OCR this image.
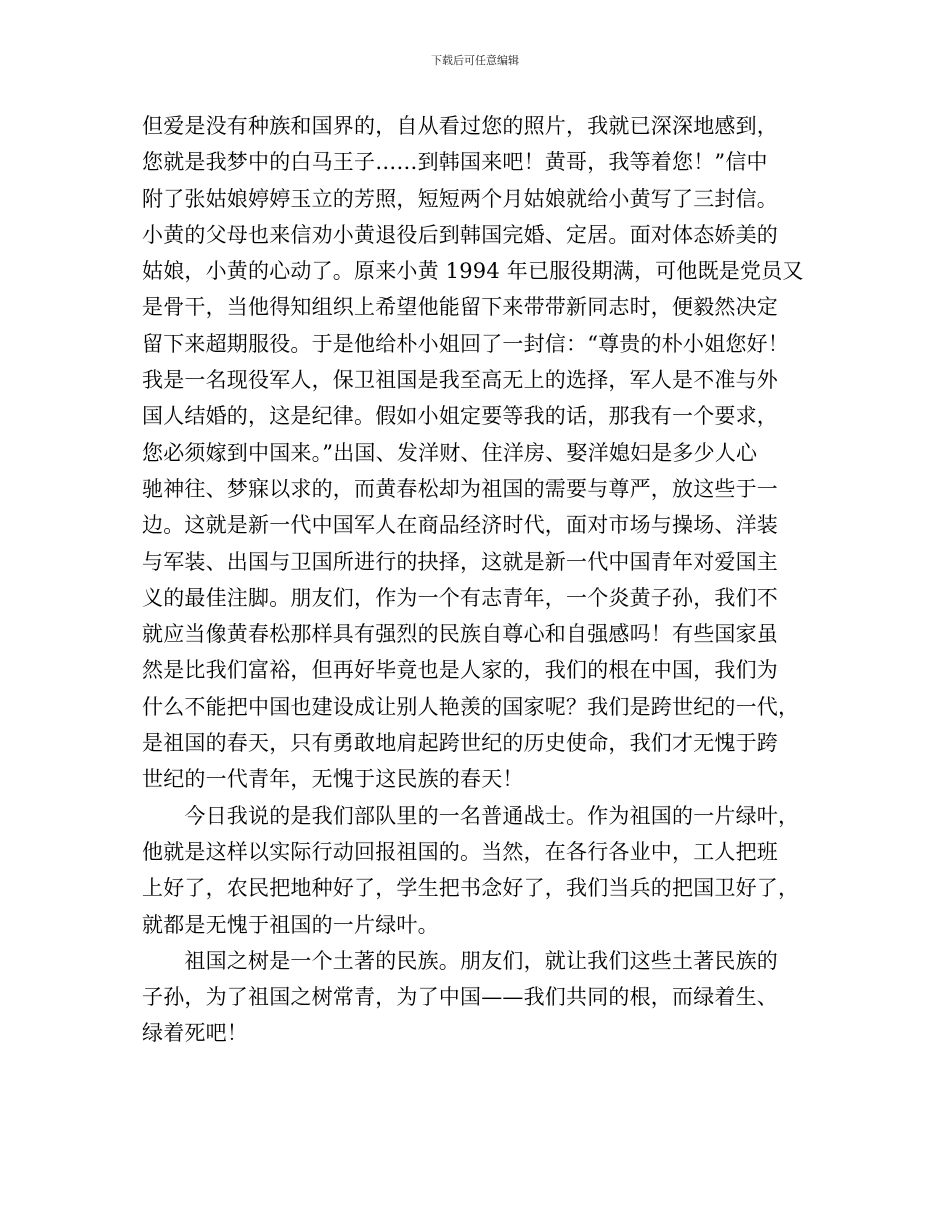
下载后可任意编辑
但爱是没有种族和国界的，自从看过您的照片，我就已深深地感到，
您就是我梦中的白马王子……到韩国来吧！黄哥，我等着您！”信中
附了张姑娘婷婷玉立的芳照，短短两个月姑娘就给小黄写了三封信。
小黄的父母也来信劝小黄退役后到韩国完婚、定居。面对体态娇美的
姑娘，小黄的心动了。原来小黄 1994 年已服役期满，可他既是党员又
是骨干，当他得知组织上希望他能留下来带带新同志时，便毅然决定
留下来超期服役。于是他给朴小姐回了一封信：“尊贵的朴小姐您好！
我是一名现役军人，保卫祖国是我至高无上的选择，军人是不准与外
国人结婚的，这是纪律。假如小姐定要等我的话，那我有一个要求，
您必须嫁到中国来。”出国、发洋财、住洋房、娶洋媳妇是多少人心
驰神往、梦寐以求的，而黄春松却为祖国的需要与尊严，放这些于一
边。这就是新一代中国军人在商品经济时代，面对市场与操场、洋装
与军装、出国与卫国所进行的抉择，这就是新一代中国青年对爱国主
义的最佳注脚。朋友们，作为一个有志青年，一个炎黄子孙，我们不
就应当像黄春松那样具有强烈的民族自尊心和自强感吗！有些国家虽
然是比我们富裕，但再好毕竟也是人家的，我们的根在中国，我们为
什么不能把中国也建设成让别人艳羡的国家呢？我们是跨世纪的一代，
是祖国的春天，只有勇敢地肩起跨世纪的历史使命，我们才无愧于跨
世纪的一代青年，无愧于这民族的春天！
　　今日我说的是我们部队里的一名普通战士。作为祖国的一片绿叶，
他就是这样以实际行动回报祖国的。当然，在各行各业中，工人把班
上好了，农民把地种好了，学生把书念好了，我们当兵的把国卫好了，
就都是无愧于祖国的一片绿叶。
　　祖国之树是一个土著的民族。朋友们，就让我们这些土著民族的
子孙，为了祖国之树常青，为了中国——我们共同的根，而绿着生、
绿着死吧！
